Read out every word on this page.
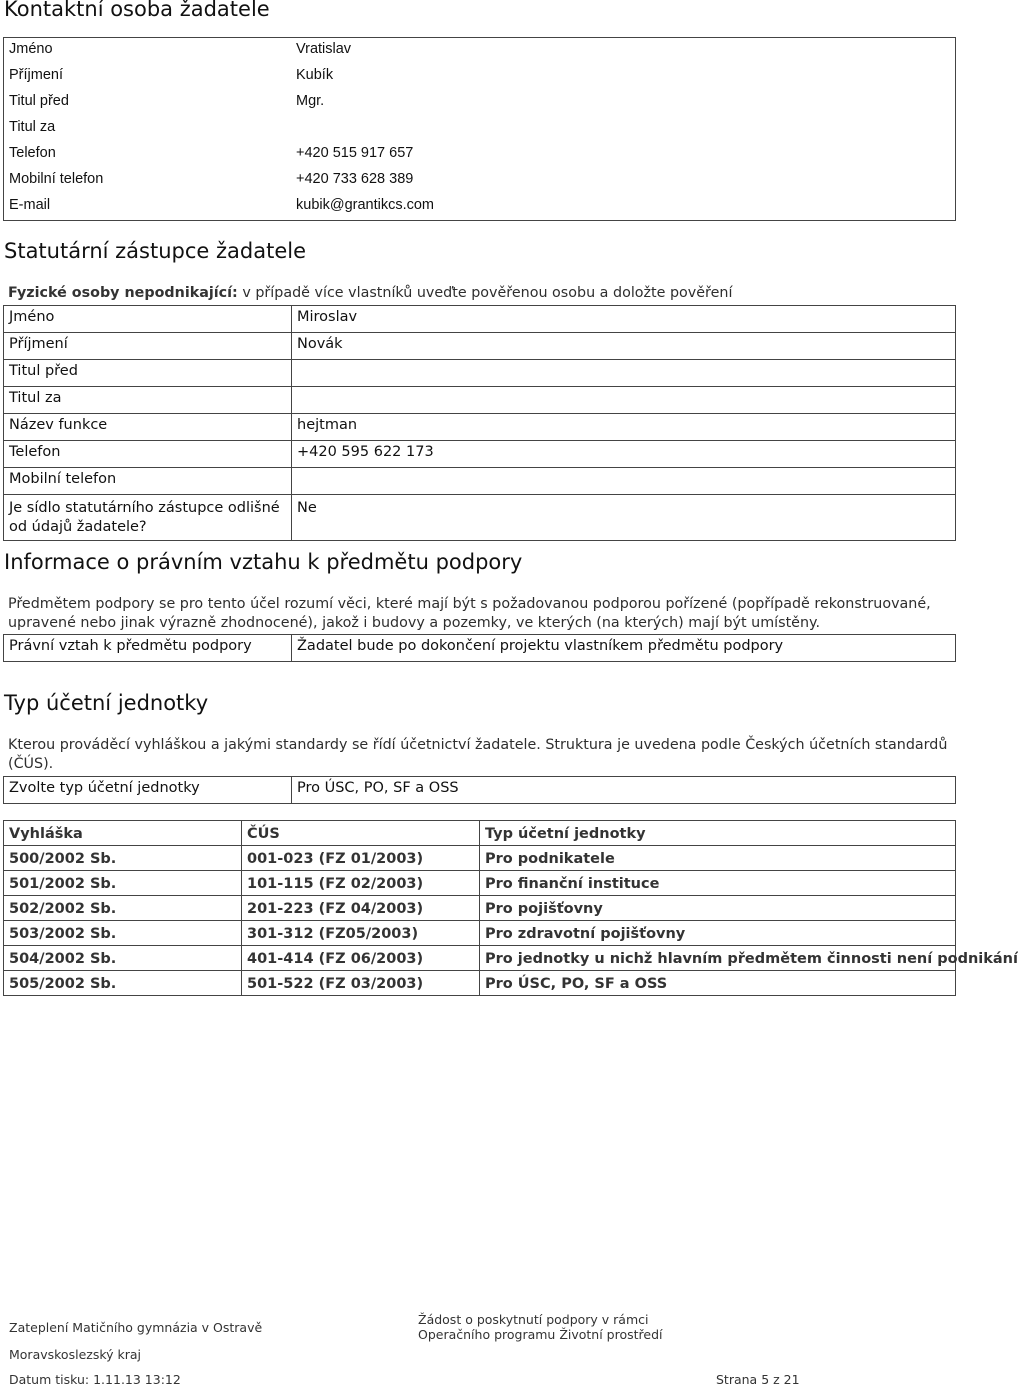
Kontaktní osoba žadatele
Jméno	Vratislav
Příjmení	Kubík
Titul před	Mgr.
Titul za	
Telefon	+420 515 917 657
Mobilní telefon	+420 733 628 389
E-mail	kubik@grantikcs.com
Statutární zástupce žadatele
Fyzické osoby nepodnikající: v případě více vlastníků uveďte pověřenou osobu a doložte pověření
Jméno	Miroslav
Příjmení	Novák
Titul před	
Titul za	
Název funkce	hejtman
Telefon	+420 595 622 173
Mobilní telefon	
Je sídlo statutárního zástupce odlišné od údajů žadatele?	Ne
Informace o právním vztahu k předmětu podpory
Předmětem podpory se pro tento účel rozumí věci, které mají být s požadovanou podporou pořízené (popřípadě rekonstruované, upravené nebo jinak výrazně zhodnocené), jakož i budovy a pozemky, ve kterých (na kterých) mají být umístěny.
Právní vztah k předmětu podpory	Žadatel bude po dokončení projektu vlastníkem předmětu podpory
Typ účetní jednotky
Kterou prováděcí vyhláškou a jakými standardy se řídí účetnictví žadatele. Struktura je uvedena podle Českých účetních standardů (ČÚS).
Zvolte typ účetní jednotky	Pro ÚSC, PO, SF a OSS
Vyhláška	ČÚS	Typ účetní jednotky
500/2002 Sb.	001-023 (FZ 01/2003)	Pro podnikatele
501/2002 Sb.	101-115 (FZ 02/2003)	Pro finanční instituce
502/2002 Sb.	201-223 (FZ 04/2003)	Pro pojišťovny
503/2002 Sb.	301-312 (FZ05/2003)	Pro zdravotní pojišťovny
504/2002 Sb.	401-414 (FZ 06/2003)	Pro jednotky u nichž hlavním předmětem činnosti není podnikání
505/2002 Sb.	501-522 (FZ 03/2003)	Pro ÚSC, PO, SF a OSS
Zateplení Matičního gymnázia v Ostravě
Moravskoslezský kraj
Žádost o poskytnutí podpory v rámci
Operačního programu Životní prostředí
Datum tisku: 1.11.13 13:12	Strana 5 z 21
